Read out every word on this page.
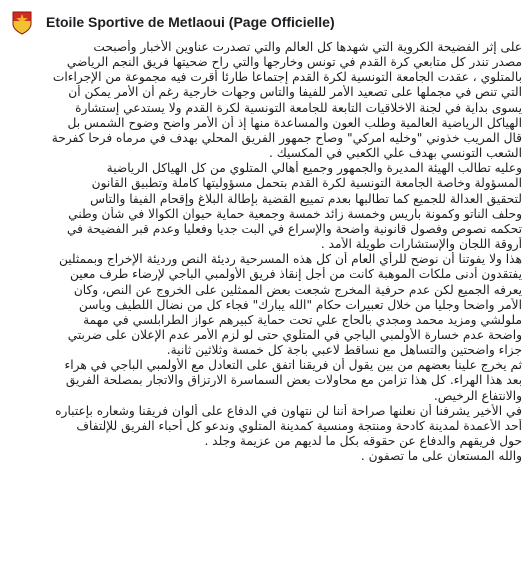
Etoile Sportive de Metlaoui (Page Officielle)
على إثر الفضيحة الكروية التي شهدها كل العالم والتي تصدرت عناوين الأخبار وأصبحت
مصدر تندر كل متابعي كرة القدم في تونس وخارجها والتي راح ضحيتها فريق النجم الرياضي
بالمتلوي ، عقدت الجامعة التونسية لكرة القدم إجتماعا طارئا أقرت فيه مجموعة من الإجراءات
التي تنص في مجملها على تصعيد الأمر للفيفا والتاس وجهات خارجية رغم أن الأمر يمكن أن
يسوى بداية في لجنة الاخلاقيات التابعة للجامعة التونسية لكرة القدم ولا يستدعي إستشارة
الهياكل الرياضية العالمية وطلب العون والمساعدة منها إذ أن الأمر واضح وضوح الشمس بل
قال المريب خذوني "وخليه امركي" وصاح جمهور الفريق المحلي بهدف في مرماه فرحا كفرحة
الشعب التونسي بهدف علي الكعبي في المكسيك .
وعليه تطالب الهيئة المديرة والجمهور وجميع أهالي المتلوي من كل الهياكل الرياضية
المسؤولة وخاصة الجامعة التونسية لكرة القدم بتحمل مسؤوليتها كاملة وتطبيق القانون
لتحقيق العدالة للجميع كما تطالبها بعدم تمييع القضية بإطالة البلاغ وإقحام الفيفا والتاس
وحلف الناتو وكمونة باريس وخمسة زائد خمسة وجمعية حماية حيوان الكوالا في شأن وطني
تحكمه نصوص وفصول قانونية واضحة والإسراع في البت جديا وفعليا وعدم قبر الفضيحة في
أروقة اللجان والإستشارات طويلة الأمد .
هذا ولا يفوتنا أن نوضح للرأي العام أن كل هذه المسرحية رديئة النص ورديئة الإخراج وبممثلين
يفتقدون أدنى ملكات الموهبة كانت من أجل إنقاذ فريق الأولمبي الباجي لإرضاء طرف معين
يعرفه الجميع لكن عدم حرفية المخرج شجعت بعض الممثلين على الخروج عن النص، وكان
الأمر واضحا وجليا من خلال تعبيرات حكام "الله يبارك" فجاء كل من نضال اللطيف وياسن
ملولشي ومزيد محمد ومجدي بالحاج علي تحت حماية كبيرهم عواز الطرابلسي في مهمة
واضحة عدم خسارة الأولمبي الباجي في المتلوي حتى لو لزم الأمر عدم الإعلان على ضربتي
جزاء واضحتين والتساهل مع نساقط لاعبي باجة كل خمسة وثلاثين ثانية.
ثم يخرج علينا بعضهم من بين يقول أن فريقنا اتفق على التعادل مع الأولمبي الباجي في هراء
بعد هذا الهراء. كل هذا تزامن مع محاولات بعض السماسرة الارتزاق والاتجار بمصلحة الفريق
والانتفاع الرخيص.
في الأخير يشرفنا أن نعلنها صراحة أننا لن نتهاون في الدفاع على ألوان فريقنا وشعاره بإعتباره
أحد الأعمدة لمدينة كادحة ومنتجة ومنسية كمدينة المتلوي وندعو كل أحباء الفريق للإلتفاف
حول فريقهم والدفاع عن حقوقه بكل ما لديهم من عزيمة وجلد .
والله المستعان على ما تصفون .
